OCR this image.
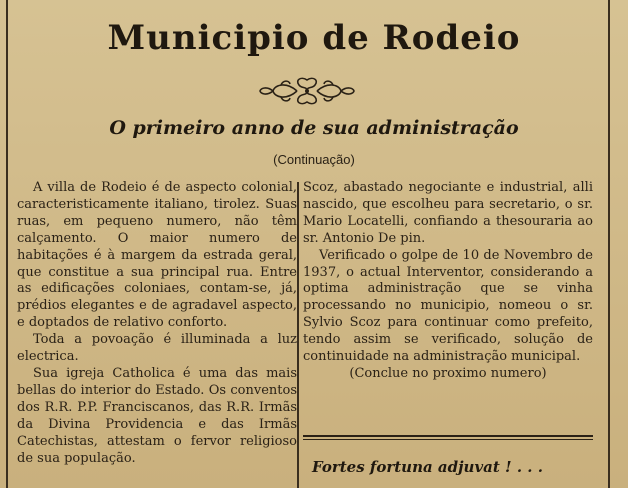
Municipio de Rodeio
O primeiro anno de sua administração
(Continuação)

A villa de Rodeio é de aspecto colonial, caracteristicamente italiano, tirolez. Suas ruas, em pequeno numero, não têm calçamento. O maior numero de habitações é à margem da estrada geral, que constitue a sua principal rua. Entre as edificações coloniaes, contam-se, já, prédios elegantes e de agradavel aspecto, e doptados de relativo conforto.

Toda a povoação é illuminada a luz electrica.

Sua igreja Catholica é uma das mais bellas do interior do Estado. Os conventos dos R.R. P.P. Franciscanos, das R.R. Irmãs da Divina Providencia e das Irmãs Catechistas, attestam o fervor religioso de sua população.

Scoz, abastado negociante e industrial, alli nascido, que escolheu para secretario, o sr. Mario Locatelli, confiando a thesouraria ao sr. Antonio De pin.

Verificado o golpe de 10 de Novembro de 1937, o actual Interventor, considerando a optima administração que se vinha processando no municipio, nomeou o sr. Sylvio Scoz para continuar como prefeito, tendo assim se verificado, solução de continuidade na administração municipal.

(Conclue no proximo numero)

Fortes fortuna adjuvat ! . . .
